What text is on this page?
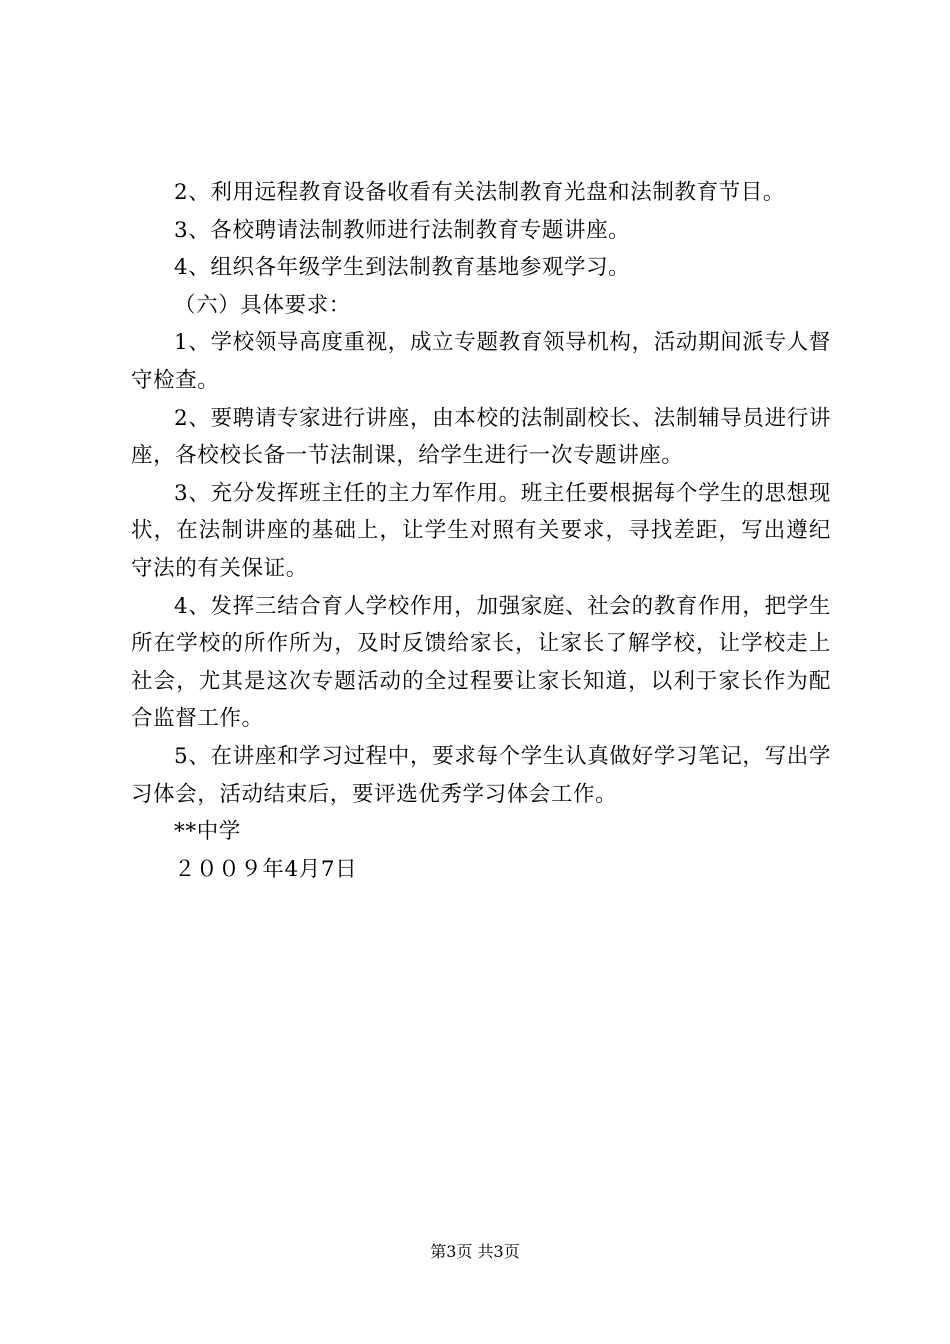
2、利用远程教育设备收看有关法制教育光盘和法制教育节目。

3、各校聘请法制教师进行法制教育专题讲座。

4、组织各年级学生到法制教育基地参观学习。

（六）具体要求：

1、学校领导高度重视，成立专题教育领导机构，活动期间派专人督守检查。

2、要聘请专家进行讲座，由本校的法制副校长、法制辅导员进行讲座，各校校长备一节法制课，给学生进行一次专题讲座。

3、充分发挥班主任的主力军作用。班主任要根据每个学生的思想现状，在法制讲座的基础上，让学生对照有关要求，寻找差距，写出遵纪守法的有关保证。

4、发挥三结合育人学校作用，加强家庭、社会的教育作用，把学生所在学校的所作所为，及时反馈给家长，让家长了解学校，让学校走上社会，尤其是这次专题活动的全过程要让家长知道，以利于家长作为配合监督工作。

5、在讲座和学习过程中，要求每个学生认真做好学习笔记，写出学习体会，活动结束后，要评选优秀学习体会工作。

**中学

２００９年4月7日

第3页 共3页
